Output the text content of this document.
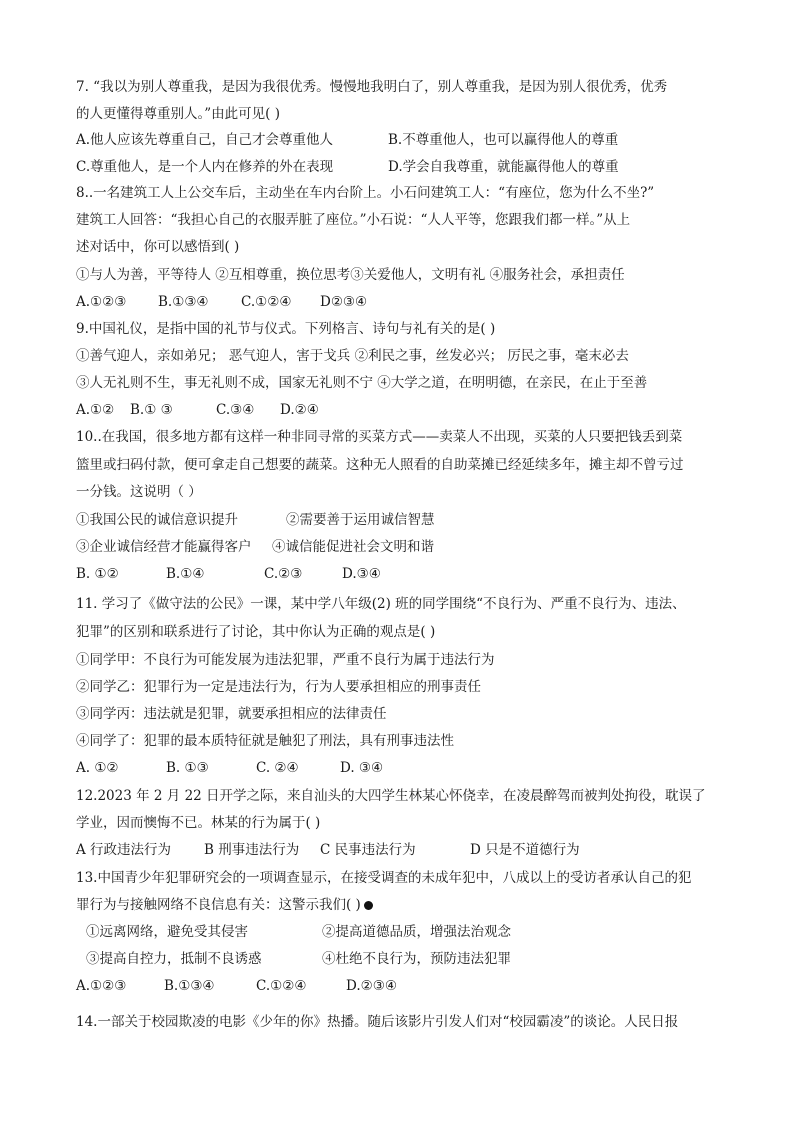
7. “我以为别人尊重我，是因为我很优秀。慢慢地我明白了，别人尊重我，是因为别人很优秀，优秀
的人更懂得尊重别人。”由此可见( )
A.他人应该先尊重自己，自己才会尊重他人	B.不尊重他人，也可以赢得他人的尊重
C.尊重他人，是一个人内在修养的外在表现	D.学会自我尊重，就能赢得他人的尊重
8..一名建筑工人上公交车后，主动坐在车内台阶上。小石问建筑工人：“有座位，您为什么不坐?”
建筑工人回答：“我担心自己的衣服弄脏了座位。”小石说：“人人平等，您跟我们都一样。”从上
述对话中，你可以感悟到( )
①与人为善，平等待人 ②互相尊重，换位思考③关爱他人，文明有礼 ④服务社会，承担责任
A.①②③ B.①③④ C.①②④ D②③④
9.中国礼仪，是指中国的礼节与仪式。下列格言、诗句与礼有关的是( )
①善气迎人，亲如弟兄； 恶气迎人，害于戈兵 ②利民之事，丝发必兴； 厉民之事，毫末必去
③人无礼则不生，事无礼则不成，国家无礼则不宁 ④大学之道，在明明德，在亲民，在止于至善
A.①② B.① ③	C.③④ D.②④
10..在我国，很多地方都有这样一种非同寻常的买菜方式——卖菜人不出现，买菜的人只要把钱丢到菜
篮里或扫码付款，便可拿走自己想要的蔬菜。这种无人照看的自助菜摊已经延续多年，摊主却不曾亏过
一分钱。这说明（ ）
①我国公民的诚信意识提升	②需要善于运用诚信智慧
③企业诚信经营才能赢得客户 ④诚信能促进社会文明和谐
B. ①②	B.①④	C.②③	D.③④
11. 学习了《做守法的公民》一课，某中学八年级(2) 班的同学围绕“不良行为、严重不良行为、违法、
犯罪”的区别和联系进行了讨论，其中你认为正确的观点是( )
①同学甲：不良行为可能发展为违法犯罪，严重不良行为属于违法行为
②同学乙：犯罪行为一定是违法行为，行为人要承担相应的刑事责任
③同学丙：违法就是犯罪，就要承担相应的法律责任
④同学了：犯罪的最本质特征就是触犯了刑法，具有刑事违法性
A. ①②	B. ①③	C. ②④	D. ③④
12.2023 年 2 月 22 日开学之际，来自汕头的大四学生林某心怀侥幸，在凌晨醉驾而被判处拘役，耽误了
学业，因而懊悔不已。林某的行为属于( )
A 行政违法行为 B 刑事违法行为 C 民事违法行为	D 只是不道德行为
13.中国青少年犯罪研究会的一项调查显示，在接受调查的未成年犯中，八成以上的受访者承认自己的犯
罪行为与接触网络不良信息有关：这警示我们( )
①远离网络，避免受其侵害	②提高道德品质，增强法治观念
③提高自控力，抵制不良诱惑	④杜绝不良行为，预防违法犯罪
A.①②③	B.①③④	C.①②④	D.②③④
14.一部关于校园欺凌的电影《少年的你》热播。随后该影片引发人们对“校园霸凌”的谈论。人民日报
